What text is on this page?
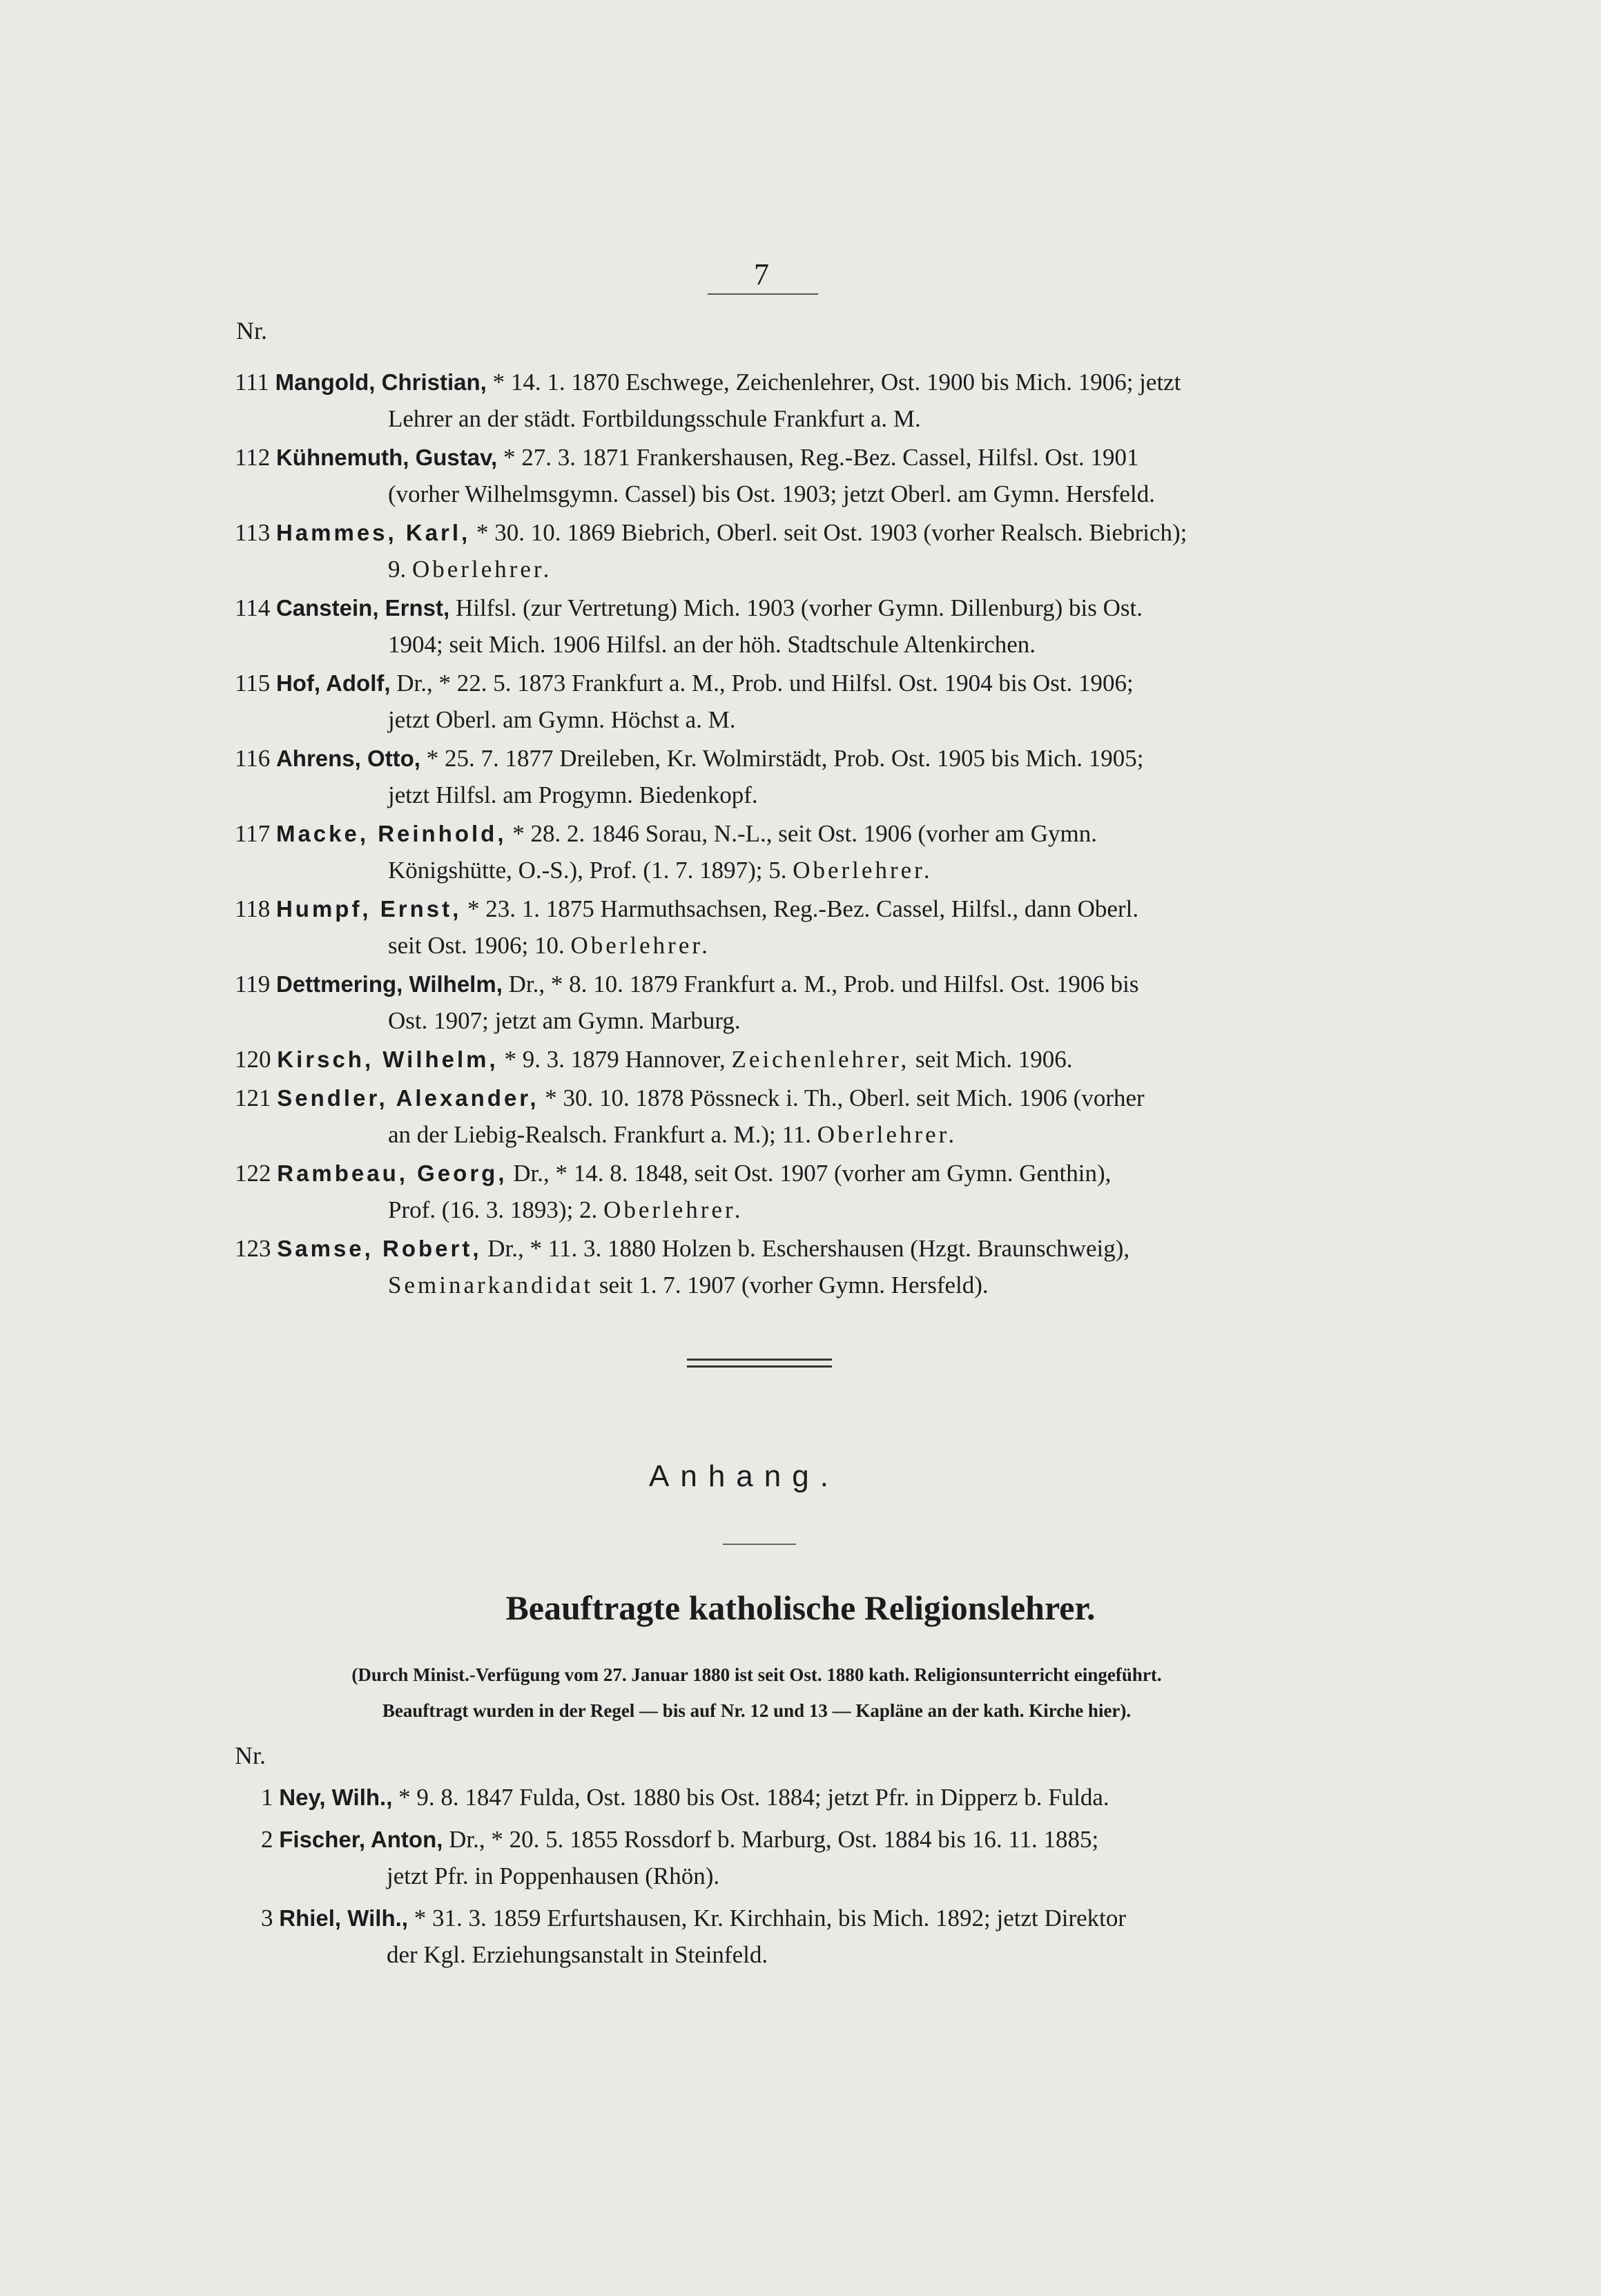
7
Nr.
111 Mangold, Christian, * 14. 1. 1870 Eschwege, Zeichenlehrer, Ost. 1900 bis Mich. 1906; jetzt
Lehrer an der städt. Fortbildungsschule Frankfurt a. M.
112 Kühnemuth, Gustav, * 27. 3. 1871 Frankershausen, Reg.-Bez. Cassel, Hilfsl. Ost. 1901
(vorher Wilhelmsgymn. Cassel) bis Ost. 1903; jetzt Oberl. am Gymn. Hersfeld.
113 Hammes, Karl, * 30. 10. 1869 Biebrich, Oberl. seit Ost. 1903 (vorher Realsch. Biebrich);
9. Oberlehrer.
114 Canstein, Ernst, Hilfsl. (zur Vertretung) Mich. 1903 (vorher Gymn. Dillenburg) bis Ost.
1904; seit Mich. 1906 Hilfsl. an der höh. Stadtschule Altenkirchen.
115 Hof, Adolf, Dr., * 22. 5. 1873 Frankfurt a. M., Prob. und Hilfsl. Ost. 1904 bis Ost. 1906;
jetzt Oberl. am Gymn. Höchst a. M.
116 Ahrens, Otto, * 25. 7. 1877 Dreileben, Kr. Wolmirstädt, Prob. Ost. 1905 bis Mich. 1905;
jetzt Hilfsl. am Progymn. Biedenkopf.
117 Macke, Reinhold, * 28. 2. 1846 Sorau, N.-L., seit Ost. 1906 (vorher am Gymn.
Königshütte, O.-S.), Prof. (1. 7. 1897); 5. Oberlehrer.
118 Humpf, Ernst, * 23. 1. 1875 Harmuthsachsen, Reg.-Bez. Cassel, Hilfsl., dann Oberl.
seit Ost. 1906; 10. Oberlehrer.
119 Dettmering, Wilhelm, Dr., * 8. 10. 1879 Frankfurt a. M., Prob. und Hilfsl. Ost. 1906 bis
Ost. 1907; jetzt am Gymn. Marburg.
120 Kirsch, Wilhelm, * 9. 3. 1879 Hannover, Zeichenlehrer, seit Mich. 1906.
121 Sendler, Alexander, * 30. 10. 1878 Pössneck i. Th., Oberl. seit Mich. 1906 (vorher
an der Liebig-Realsch. Frankfurt a. M.); 11. Oberlehrer.
122 Rambeau, Georg, Dr., * 14. 8. 1848, seit Ost. 1907 (vorher am Gymn. Genthin),
Prof. (16. 3. 1893); 2. Oberlehrer.
123 Samse, Robert, Dr., * 11. 3. 1880 Holzen b. Eschershausen (Hzgt. Braunschweig),
Seminarkandidat seit 1. 7. 1907 (vorher Gymn. Hersfeld).
Anhang.
Beauftragte katholische Religionslehrer.
(Durch Minist.-Verfügung vom 27. Januar 1880 ist seit Ost. 1880 kath. Religionsunterricht eingeführt.
Beauftragt wurden in der Regel — bis auf Nr. 12 und 13 — Kapläne an der kath. Kirche hier).
Nr.
1 Ney, Wilh., * 9. 8. 1847 Fulda, Ost. 1880 bis Ost. 1884; jetzt Pfr. in Dipperz b. Fulda.
2 Fischer, Anton, Dr., * 20. 5. 1855 Rossdorf b. Marburg, Ost. 1884 bis 16. 11. 1885;
jetzt Pfr. in Poppenhausen (Rhön).
3 Rhiel, Wilh., * 31. 3. 1859 Erfurtshausen, Kr. Kirchhain, bis Mich. 1892; jetzt Direktor
der Kgl. Erziehungsanstalt in Steinfeld.
